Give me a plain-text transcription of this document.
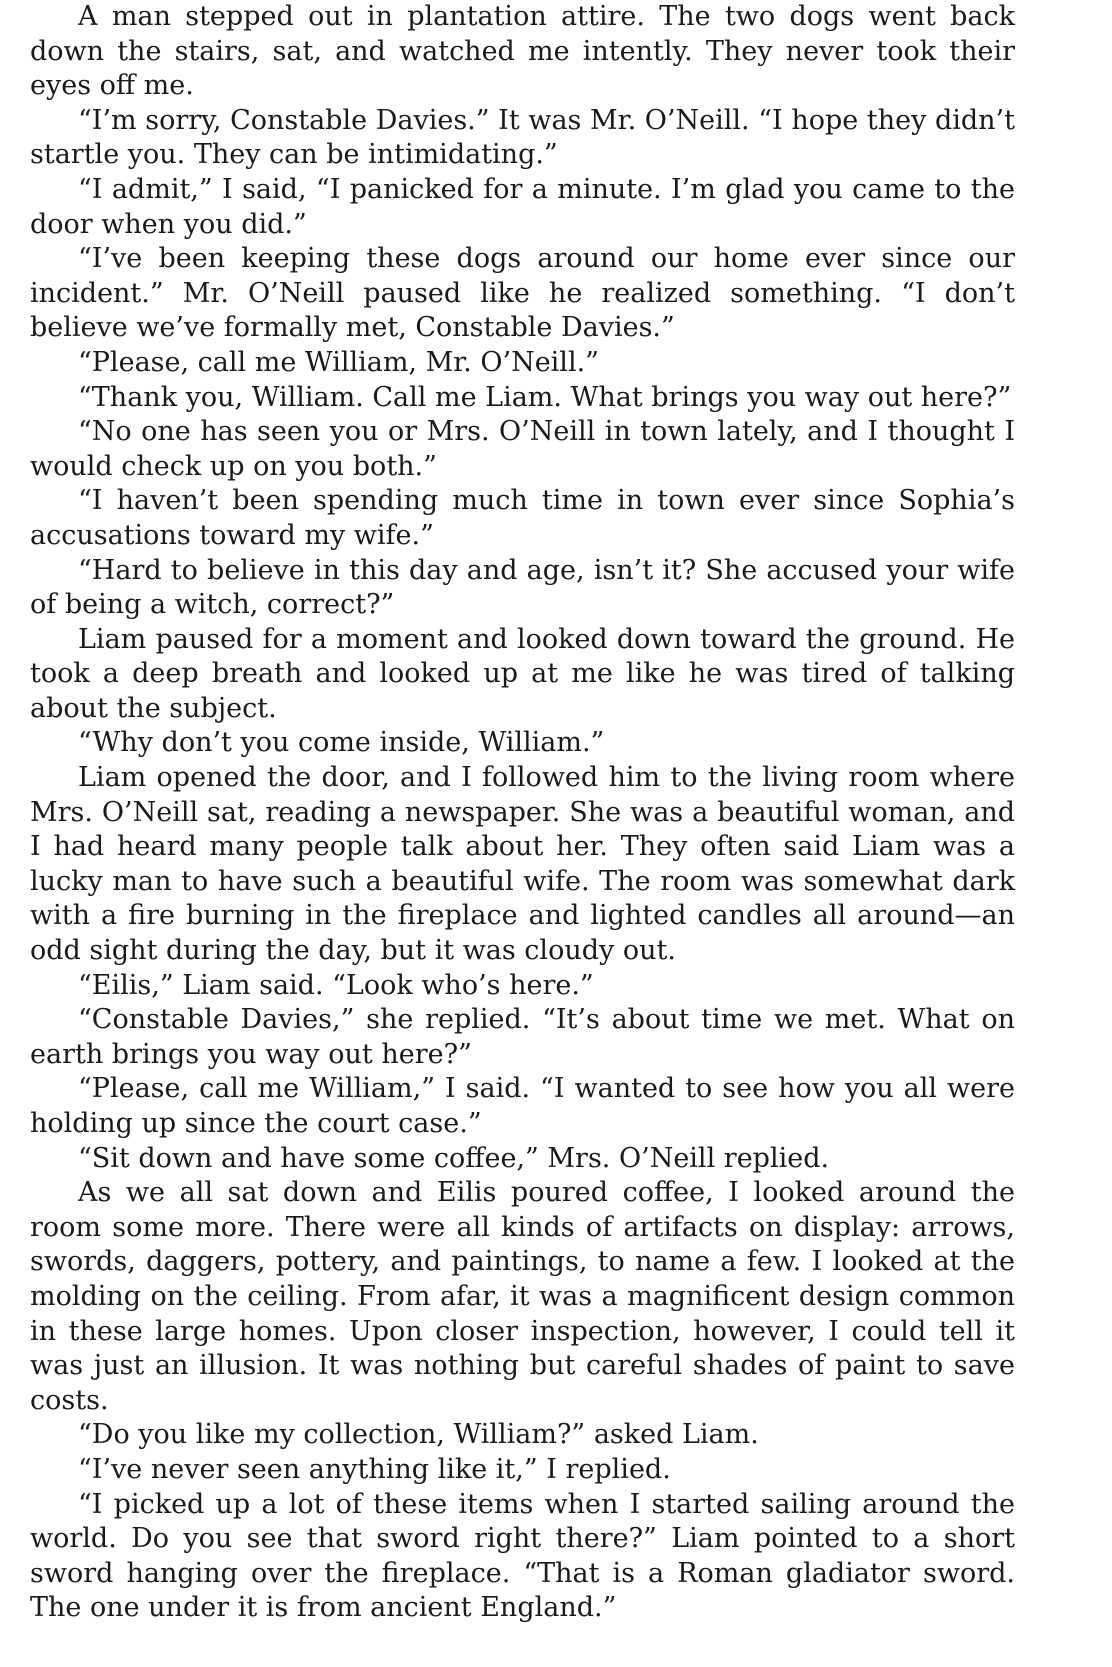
A man stepped out in plantation attire. The two dogs went back down the stairs, sat, and watched me intently. They never took their eyes off me.

“I’m sorry, Constable Davies.” It was Mr. O’Neill. “I hope they didn’t startle you. They can be intimidating.”

“I admit,” I said, “I panicked for a minute. I’m glad you came to the door when you did.”

“I’ve been keeping these dogs around our home ever since our incident.” Mr. O’Neill paused like he realized something. “I don’t believe we’ve formally met, Constable Davies.”

“Please, call me William, Mr. O’Neill.”

“Thank you, William. Call me Liam. What brings you way out here?”

“No one has seen you or Mrs. O’Neill in town lately, and I thought I would check up on you both.”

“I haven’t been spending much time in town ever since Sophia’s accusations toward my wife.”

“Hard to believe in this day and age, isn’t it? She accused your wife of being a witch, correct?”

Liam paused for a moment and looked down toward the ground. He took a deep breath and looked up at me like he was tired of talking about the subject.

“Why don’t you come inside, William.”

Liam opened the door, and I followed him to the living room where Mrs. O’Neill sat, reading a newspaper. She was a beautiful woman, and I had heard many people talk about her. They often said Liam was a lucky man to have such a beautiful wife. The room was somewhat dark with a fire burning in the fireplace and lighted candles all around—an odd sight during the day, but it was cloudy out.

“Eilis,” Liam said. “Look who’s here.”

“Constable Davies,” she replied. “It’s about time we met. What on earth brings you way out here?”

“Please, call me William,” I said. “I wanted to see how you all were holding up since the court case.”

“Sit down and have some coffee,” Mrs. O’Neill replied.

As we all sat down and Eilis poured coffee, I looked around the room some more. There were all kinds of artifacts on display: arrows, swords, daggers, pottery, and paintings, to name a few. I looked at the molding on the ceiling. From afar, it was a magnificent design common in these large homes. Upon closer inspection, however, I could tell it was just an illusion. It was nothing but careful shades of paint to save costs.

“Do you like my collection, William?” asked Liam.

“I’ve never seen anything like it,” I replied.

“I picked up a lot of these items when I started sailing around the world. Do you see that sword right there?” Liam pointed to a short sword hanging over the fireplace. “That is a Roman gladiator sword. The one under it is from ancient England.”
